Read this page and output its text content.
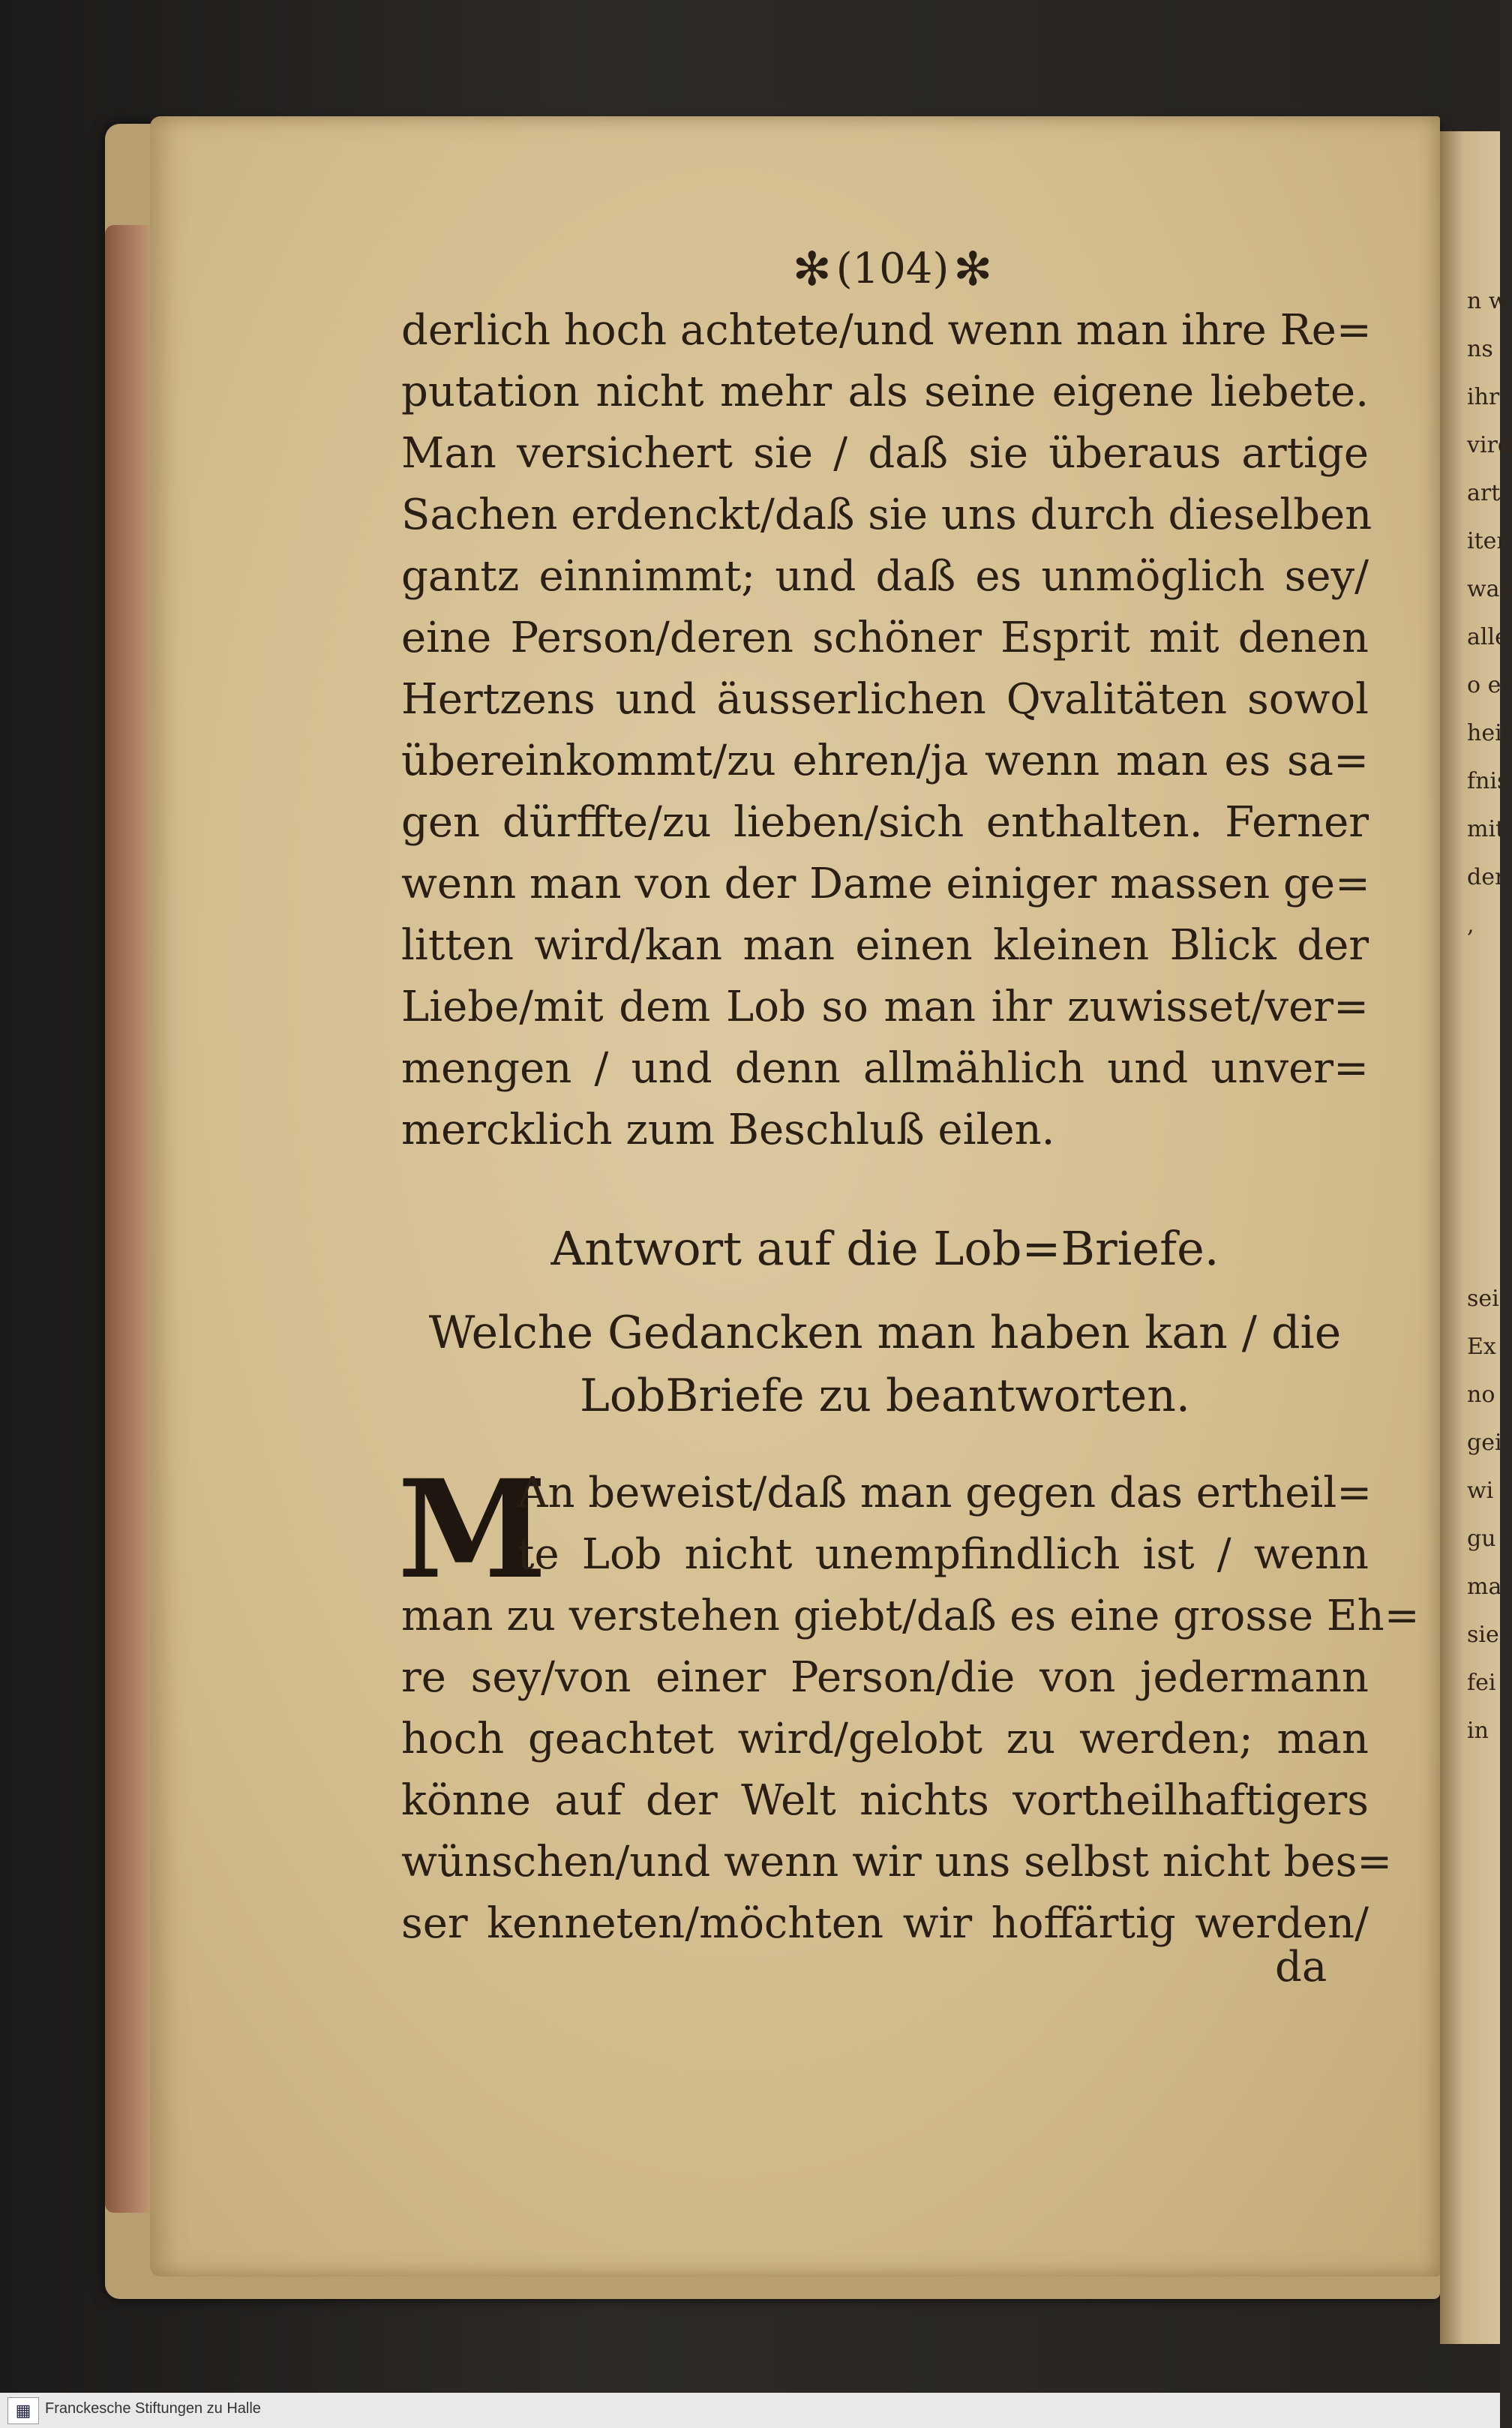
n w
ns
ihr
vird
art
iter
was
alle
o er
heit
fnis
mit
der
,
sei
Ex
no
gei
wi
gu
ma
sie
fei
in
✻ (104) ✻
derlich hoch achtete/und wenn man ihre Re=
putation nicht mehr als seine eigene liebete.
Man versichert sie / daß sie überaus artige
Sachen erdenckt/daß sie uns durch dieselben
gantz einnimmt; und daß es unmöglich sey/
eine Person/deren schöner Esprit mit denen
Hertzens und äusserlichen Qvalitäten sowol
übereinkommt/zu ehren/ja wenn man es sa=
gen dürffte/zu lieben/sich enthalten. Ferner
wenn man von der Dame einiger massen ge=
litten wird/kan man einen kleinen Blick der
Liebe/mit dem Lob so man ihr zuwisset/ver=
mengen / und denn allmählich und unver=
mercklich zum Beschluß eilen.
Antwort auf die Lob=Briefe.
Welche Gedancken man haben kan / die
LobBriefe zu beantworten.
M
An beweist/daß man gegen das ertheil=
te Lob nicht unempfindlich ist / wenn
man zu verstehen giebt/daß es eine grosse Eh=
re sey/von einer Person/die von jedermann
hoch geachtet wird/gelobt zu werden; man
könne auf der Welt nichts vortheilhaftigers
wünschen/und wenn wir uns selbst nicht bes=
ser kenneten/möchten wir hoffärtig werden/
da
▦ Franckesche Stiftungen zu Halle
